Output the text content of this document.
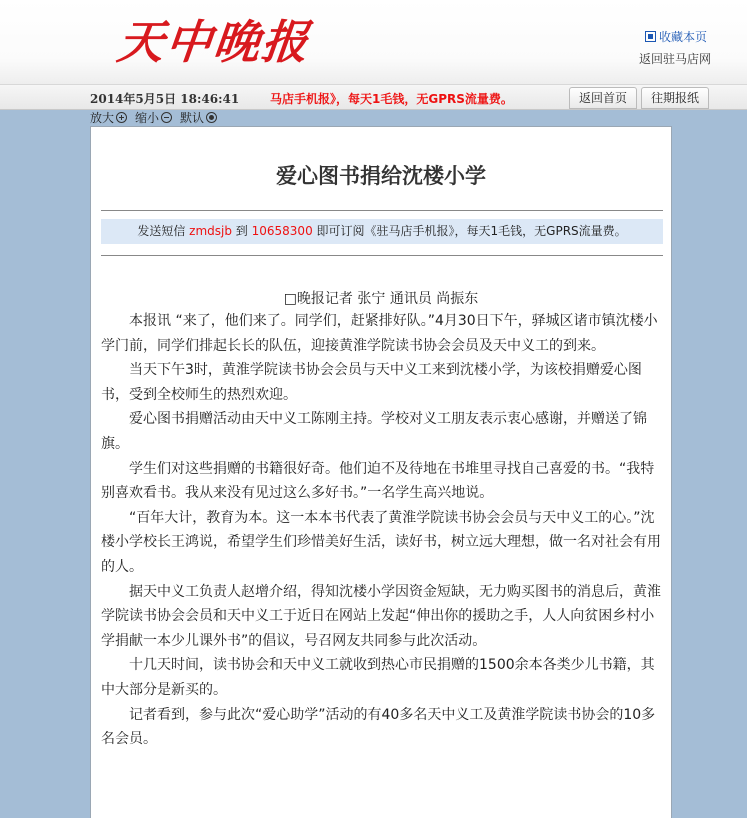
天中晚报	收藏本页
返回驻马店网
2014年5月5日 18:46:41	马店手机报》，每天1毛钱，无GPRS流量费。	返回首页	往期报纸
放大 缩小 默认
爱心图书捐给沈楼小学
发送短信 zmdsjb 到 10658300 即可订阅《驻马店手机报》，每天1毛钱，无GPRS流量费。
□晚报记者 张宁 通讯员 尚振东

本报讯 “来了，他们来了。同学们，赶紧排好队。”4月30日下午，驿城区诸市镇沈楼小学门前，同学们排起长长的队伍，迎接黄淮学院读书协会会员及天中义工的到来。

当天下午3时，黄淮学院读书协会会员与天中义工来到沈楼小学，为该校捐赠爱心图书，受到全校师生的热烈欢迎。

爱心图书捐赠活动由天中义工陈刚主持。学校对义工朋友表示衷心感谢，并赠送了锦旗。

学生们对这些捐赠的书籍很好奇。他们迫不及待地在书堆里寻找自己喜爱的书。“我特别喜欢看书。我从来没有见过这么多好书。”一名学生高兴地说。

“百年大计，教育为本。这一本本书代表了黄淮学院读书协会会员与天中义工的心。”沈楼小学校长王鸿说，希望学生们珍惜美好生活，读好书，树立远大理想，做一名对社会有用的人。

据天中义工负责人赵增介绍，得知沈楼小学因资金短缺，无力购买图书的消息后，黄淮学院读书协会会员和天中义工于近日在网站上发起“伸出你的援助之手，人人向贫困乡村小学捐献一本少儿课外书”的倡议，号召网友共同参与此次活动。

十几天时间，读书协会和天中义工就收到热心市民捐赠的1500余本各类少儿书籍，其中大部分是新买的。

记者看到，参与此次“爱心助学”活动的有40多名天中义工及黄淮学院读书协会的10多名会员。
